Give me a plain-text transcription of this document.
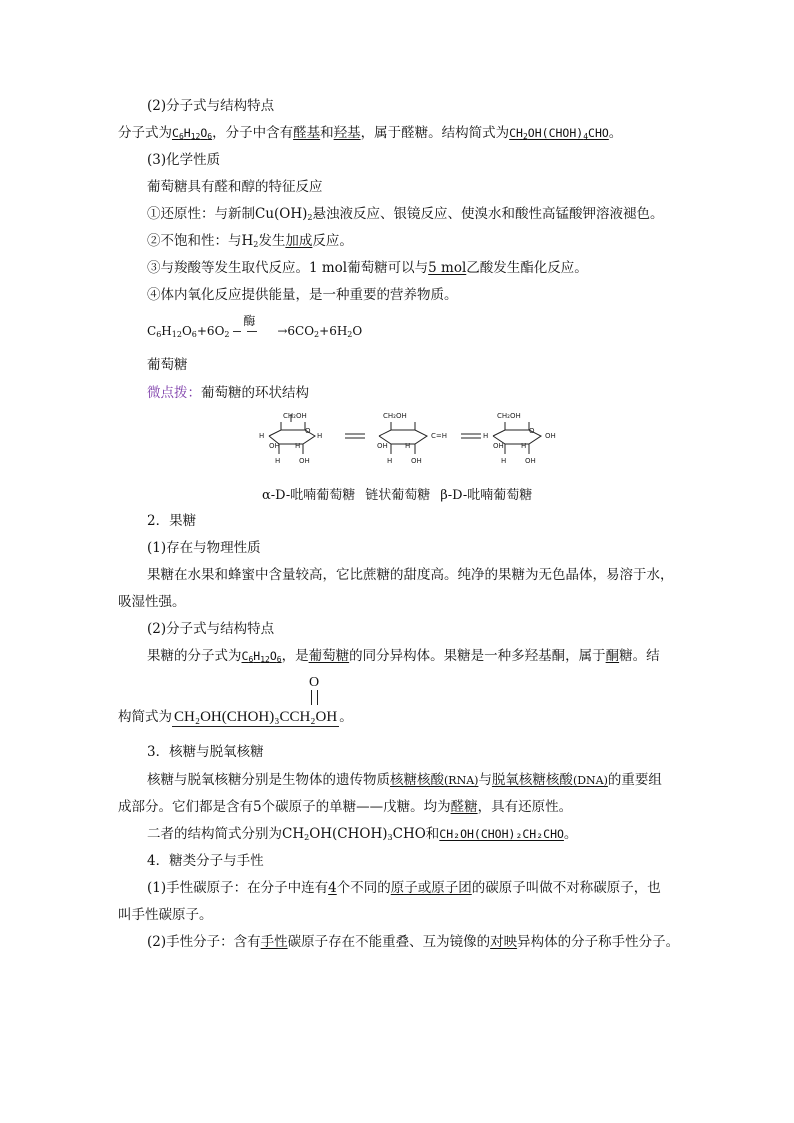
(2)分子式与结构特点
分子式为$C_6H_{12}O_6$，分子中含有醛基和羟基，属于醛糖。结构简式为$CH_2OH(CHOH)_4CHO$。
(3)化学性质
葡萄糖具有醛和醇的特征反应
①还原性：与新制$Cu(OH)_2$悬浊液反应、银镜反应、使溴水和酸性高锰酸钾溶液褪色。
②不饱和性：与$H_2$发生加成反应。
③与羧酸等发生取代反应。1 mol葡萄糖可以与5 mol乙酸发生酯化反应。
④体内氧化反应提供能量，是一种重要的营养物质。
$C_6H_{12}O_6+6O_2$
酶
$\to 6CO_2+6H_2O$
葡萄糖
微点拨：葡萄糖的环状结构
CH₂OH
O
H	H
OH H
H	OH
CH₂OH
C=H
OH H
H	OH
CH₂OH
O
H	OH
OH H
H	OH
α-D-吡喃葡萄糖 链状葡萄糖 β-D-吡喃葡萄糖
2．果糖
(1)存在与物理性质
果糖在水果和蜂蜜中含量较高，它比蔗糖的甜度高。纯净的果糖为无色晶体，易溶于水，
吸湿性强。
(2)分子式与结构特点
果糖的分子式为$C_6H_{12}O_6$，是葡萄糖的同分异构体。果糖是一种多羟基酮，属于酮糖。结
构简式为
O
CH₂OH(CHOH)₃CCH₂OH 。
3．核糖与脱氧核糖
核糖与脱氧核糖分别是生物体的遗传物质核糖核酸(RNA)与脱氧核糖核酸(DNA)的重要组
成部分。它们都是含有5个碳原子的单糖——戊糖。均为醛糖，具有还原性。
二者的结构简式分别为$CH_2OH(CHOH)_3CHO$和CH₂OH(CHOH)₂CH₂CHO。
4．糖类分子与手性
(1)手性碳原子：在分子中连有4个不同的原子或原子团的碳原子叫做不对称碳原子，也
叫手性碳原子。
(2)手性分子：含有手性碳原子存在不能重叠、互为镜像的对映异构体的分子称手性分子。
